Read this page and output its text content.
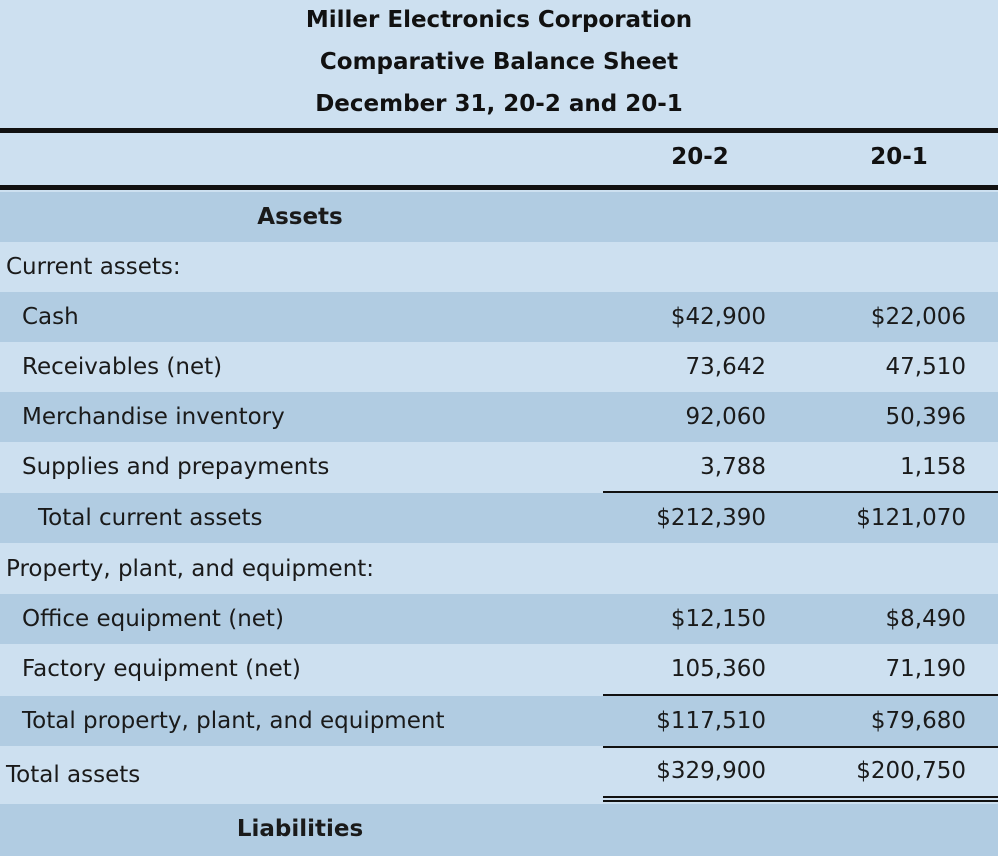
Miller Electronics Corporation
Comparative Balance Sheet
December 31, 20-2 and 20-1
20-2	20-1
Assets
Current assets:
Cash	$42,900	$22,006
Receivables (net)	73,642	47,510
Merchandise inventory	92,060	50,396
Supplies and prepayments	3,788	1,158
Total current assets	$212,390	$121,070
Property, plant, and equipment:
Office equipment (net)	$12,150	$8,490
Factory equipment (net)	105,360	71,190
Total property, plant, and equipment	$117,510	$79,680
Total assets	$329,900	$200,750
Liabilities
